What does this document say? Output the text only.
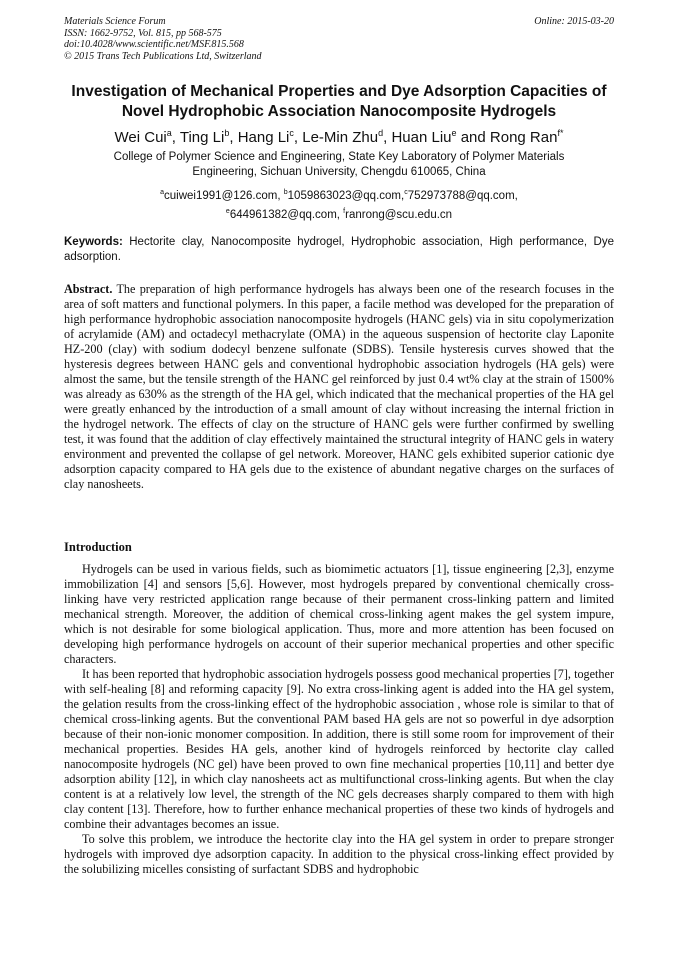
Materials Science Forum
ISSN: 1662-9752, Vol. 815, pp 568-575
doi:10.4028/www.scientific.net/MSF.815.568
© 2015 Trans Tech Publications Ltd, Switzerland
Online: 2015-03-20
Investigation of Mechanical Properties and Dye Adsorption Capacities of
Novel Hydrophobic Association Nanocomposite Hydrogels
Wei Cui$^a$, Ting Li$^b$, Hang Li$^c$, Le-Min Zhu$^d$, Huan Liu$^e$ and Rong Ran$^{f*}$
College of Polymer Science and Engineering, State Key Laboratory of Polymer Materials
Engineering, Sichuan University, Chengdu 610065, China
$^a$cuiwei1991@126.com, $^b$1059863023@qq.com,$^c$752973788@qq.com,
$^e$644961382@qq.com, $^f$ranrong@scu.edu.cn
Keywords: Hectorite clay, Nanocomposite hydrogel, Hydrophobic association, High performance, Dye adsorption.
Abstract. The preparation of high performance hydrogels has always been one of the research focuses in the area of soft matters and functional polymers. In this paper, a facile method was developed for the preparation of high performance hydrophobic association nanocomposite hydrogels (HANC gels) via in situ copolymerization of acrylamide (AM) and octadecyl methacrylate (OMA) in the aqueous suspension of hectorite clay Laponite HZ-200 (clay) with sodium dodecyl benzene sulfonate (SDBS). Tensile hysteresis curves showed that the hysteresis degrees between HANC gels and conventional hydrophobic association hydrogels (HA gels) were almost the same, but the tensile strength of the HANC gel reinforced by just 0.4 wt% clay at the strain of 1500% was already as 630% as the strength of the HA gel, which indicated that the mechanical properties of the HA gel were greatly enhanced by the introduction of a small amount of clay without increasing the internal friction in the hydrogel network. The effects of clay on the structure of HANC gels were further confirmed by swelling test, it was found that the addition of clay effectively maintained the structural integrity of HANC gels in watery environment and prevented the collapse of gel network. Moreover, HANC gels exhibited superior cationic dye adsorption capacity compared to HA gels due to the existence of abundant negative charges on the surfaces of clay nanosheets.
Introduction

Hydrogels can be used in various fields, such as biomimetic actuators [1], tissue engineering [2,3], enzyme immobilization [4] and sensors [5,6]. However, most hydrogels prepared by conventional chemically cross-linking have very restricted application range because of their permanent cross-linking pattern and limited mechanical strength. Moreover, the addition of chemical cross-linking agent makes the gel system impure, which is not desirable for some biological application. Thus, more and more attention has been focused on developing high performance hydrogels on account of their superior mechanical properties and other specific characters.

It has been reported that hydrophobic association hydrogels possess good mechanical properties [7], together with self-healing [8] and reforming capacity [9]. No extra cross-linking agent is added into the HA gel system, the gelation results from the cross-linking effect of the hydrophobic association , whose role is similar to that of chemical cross-linking agents. But the conventional PAM based HA gels are not so powerful in dye adsorption because of their non-ionic monomer composition. In addition, there is still some room for improvement of their mechanical properties. Besides HA gels, another kind of hydrogels reinforced by hectorite clay called nanocomposite hydrogels (NC gel) have been proved to own fine mechanical properties [10,11] and better dye adsorption ability [12], in which clay nanosheets act as multifunctional cross-linking agents. But when the clay content is at a relatively low level, the strength of the NC gels decreases sharply compared to them with high clay content [13]. Therefore, how to further enhance mechanical properties of these two kinds of hydrogels and combine their advantages becomes an issue.

To solve this problem, we introduce the hectorite clay into the HA gel system in order to prepare stronger hydrogels with improved dye adsorption capacity. In addition to the physical cross-linking effect provided by the solubilizing micelles consisting of surfactant SDBS and hydrophobic
